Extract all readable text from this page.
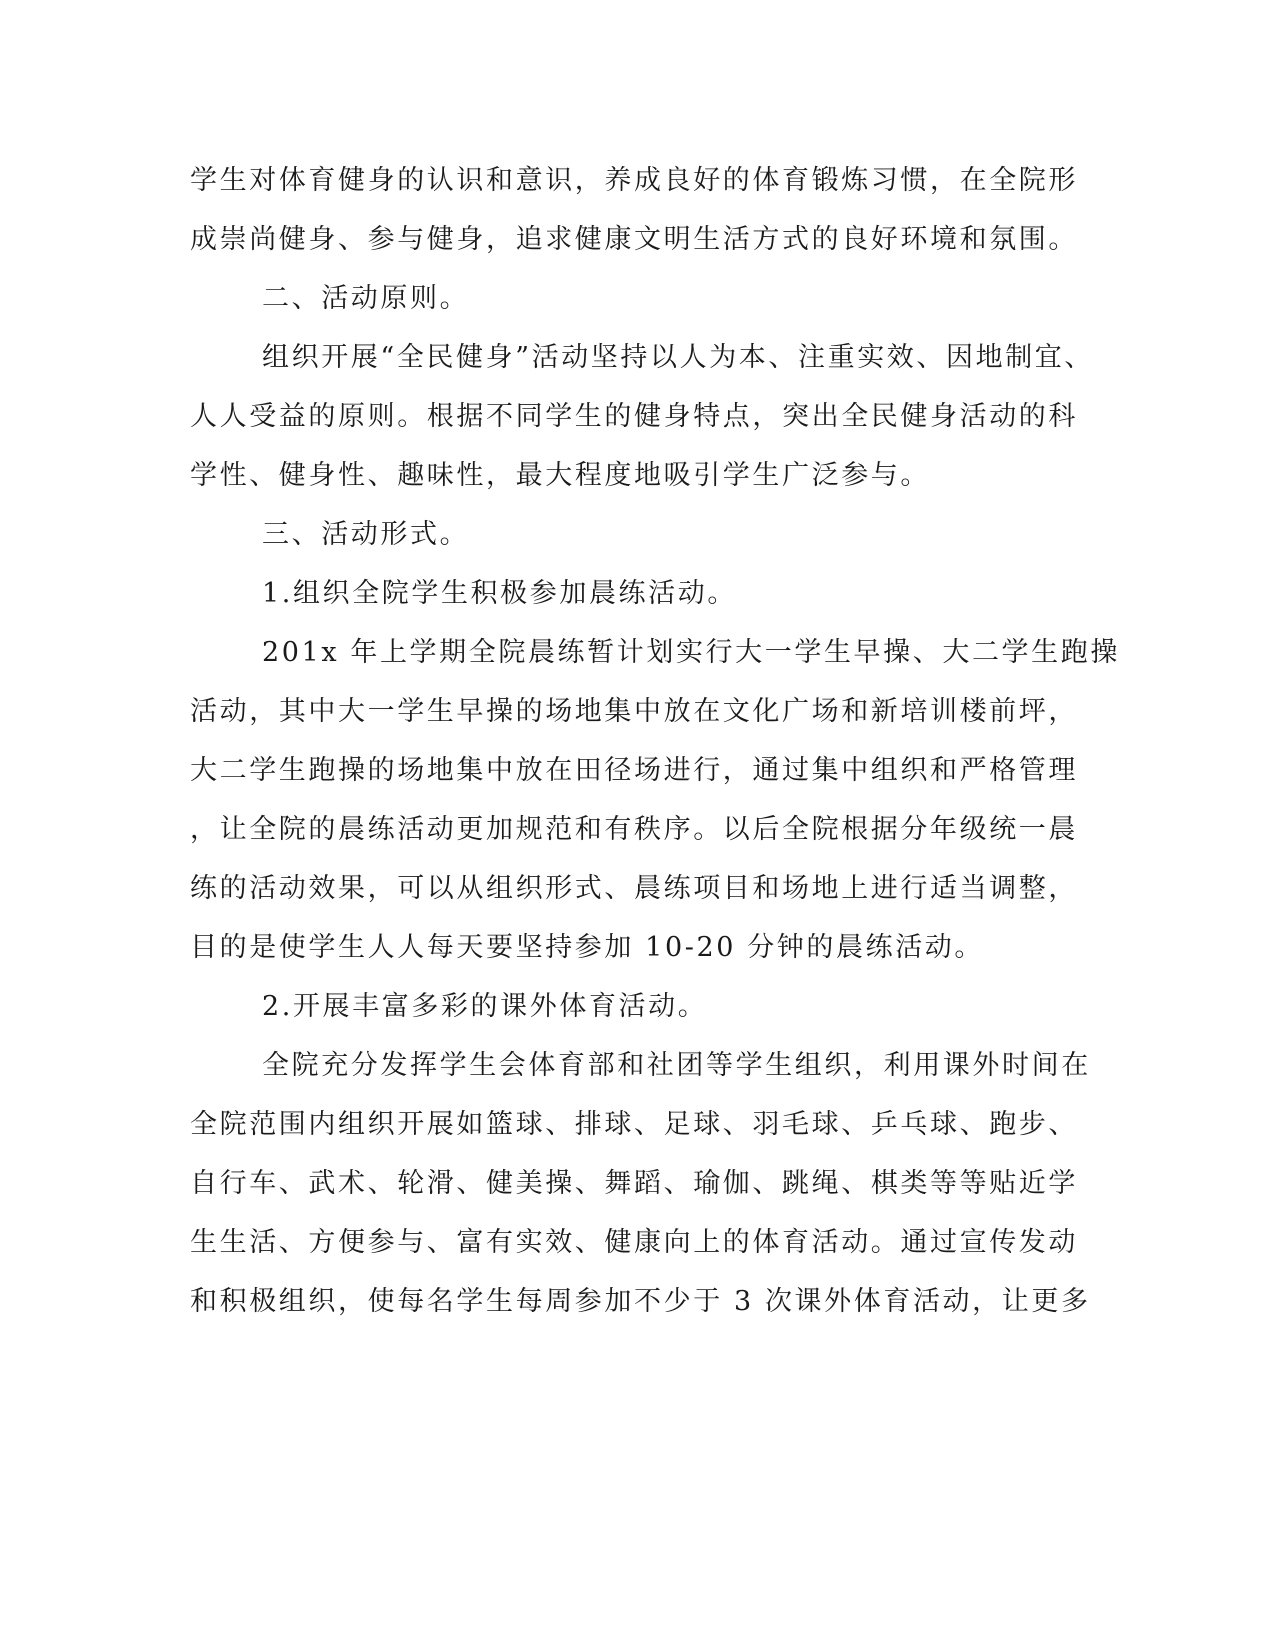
学生对体育健身的认识和意识，养成良好的体育锻炼习惯，在全院形

成崇尚健身、参与健身，追求健康文明生活方式的良好环境和氛围。

二、活动原则。

组织开展“全民健身”活动坚持以人为本、注重实效、因地制宜、

人人受益的原则。根据不同学生的健身特点，突出全民健身活动的科

学性、健身性、趣味性，最大程度地吸引学生广泛参与。

三、活动形式。

1.组织全院学生积极参加晨练活动。

201x 年上学期全院晨练暂计划实行大一学生早操、大二学生跑操

活动，其中大一学生早操的场地集中放在文化广场和新培训楼前坪，

大二学生跑操的场地集中放在田径场进行，通过集中组织和严格管理

，让全院的晨练活动更加规范和有秩序。以后全院根据分年级统一晨

练的活动效果，可以从组织形式、晨练项目和场地上进行适当调整，

目的是使学生人人每天要坚持参加 10-20 分钟的晨练活动。

2.开展丰富多彩的课外体育活动。

全院充分发挥学生会体育部和社团等学生组织，利用课外时间在

全院范围内组织开展如篮球、排球、足球、羽毛球、乒乓球、跑步、

自行车、武术、轮滑、健美操、舞蹈、瑜伽、跳绳、棋类等等贴近学

生生活、方便参与、富有实效、健康向上的体育活动。通过宣传发动

和积极组织，使每名学生每周参加不少于 3 次课外体育活动，让更多
